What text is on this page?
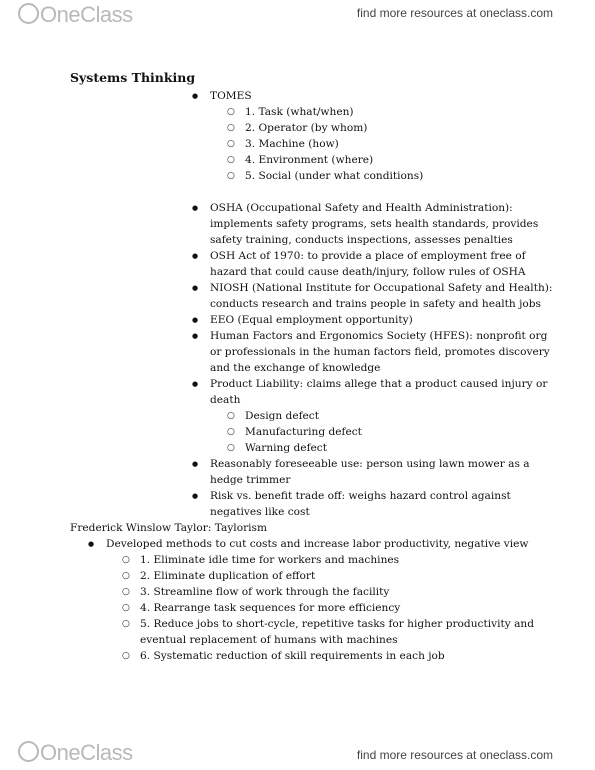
OneClass	find more resources at oneclass.com
Systems Thinking
● TOMES
○ 1. Task (what/when)
○ 2. Operator (by whom)
○ 3. Machine (how)
○ 4. Environment (where)
○ 5. Social (under what conditions)
● OSHA (Occupational Safety and Health Administration):
implements safety programs, sets health standards, provides
safety training, conducts inspections, assesses penalties
● OSH Act of 1970: to provide a place of employment free of
hazard that could cause death/injury, follow rules of OSHA
● NIOSH (National Institute for Occupational Safety and Health):
conducts research and trains people in safety and health jobs
● EEO (Equal employment opportunity)
● Human Factors and Ergonomics Society (HFES): nonprofit org
or professionals in the human factors field, promotes discovery
and the exchange of knowledge
● Product Liability: claims allege that a product caused injury or
death
○ Design defect
○ Manufacturing defect
○ Warning defect
● Reasonably foreseeable use: person using lawn mower as a
hedge trimmer
● Risk vs. benefit trade off: weighs hazard control against
negatives like cost
Frederick Winslow Taylor: Taylorism
● Developed methods to cut costs and increase labor productivity, negative view
○ 1. Eliminate idle time for workers and machines
○ 2. Eliminate duplication of effort
○ 3. Streamline flow of work through the facility
○ 4. Rearrange task sequences for more efficiency
○ 5. Reduce jobs to short-cycle, repetitive tasks for higher productivity and
eventual replacement of humans with machines
○ 6. Systematic reduction of skill requirements in each job
OneClass	find more resources at oneclass.com
